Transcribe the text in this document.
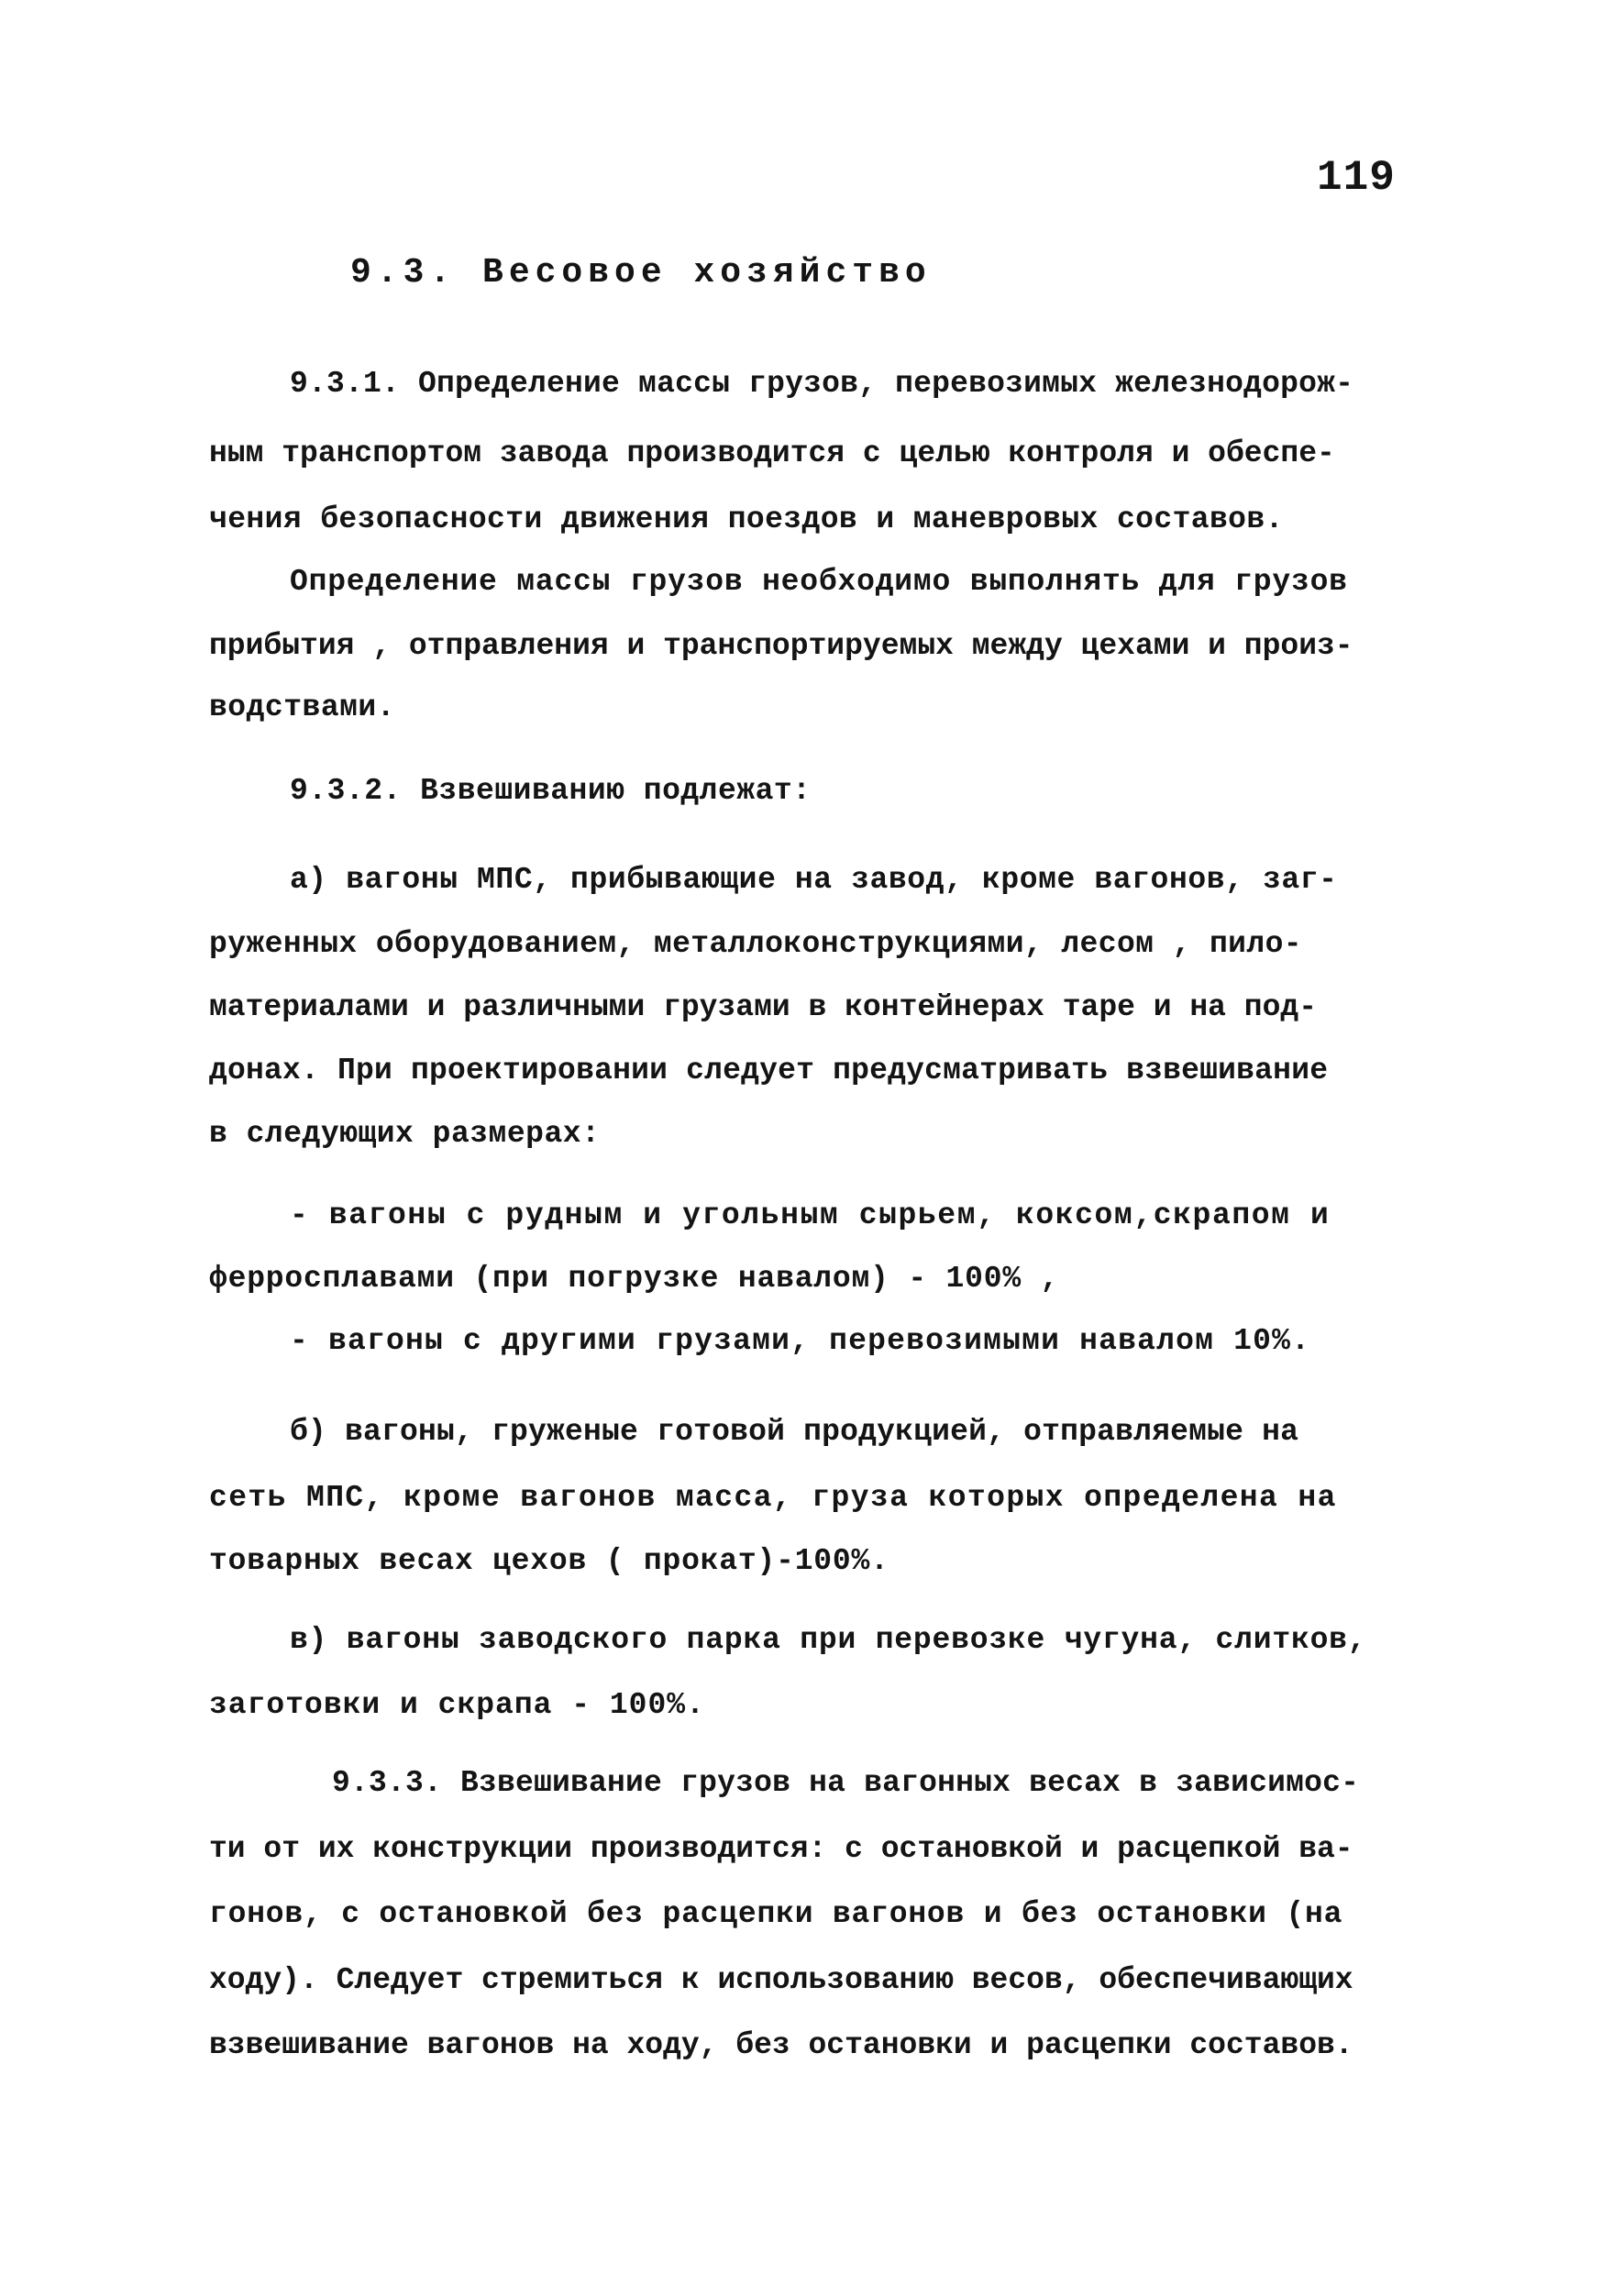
119
9.3. Весовое хозяйство
9.3.1. Определение массы грузов, перевозимых железнодорож-
ным транспортом завода производится с целью контроля и обеспе-
чения безопасности движения поездов и маневровых составов.
Определение массы грузов необходимо выполнять для грузов
прибытия , отправления и транспортируемых между цехами и произ-
водствами.
9.3.2. Взвешиванию подлежат:
а) вагоны МПС, прибывающие на завод, кроме вагонов, заг-
руженных оборудованием, металлоконструкциями, лесом , пило-
материалами и различными грузами в контейнерах таре и на под-
донах. При проектировании следует предусматривать взвешивание
в следующих размерах:
- вагоны с рудным и угольным сырьем, коксом,скрапом и
ферросплавами (при погрузке навалом) - 100% ,
- вагоны с другими грузами, перевозимыми навалом 10%.
б) вагоны, груженые готовой продукцией, отправляемые на
сеть МПС, кроме вагонов масса, груза которых определена на
товарных весах цехов ( прокат)-100%.
в) вагоны заводского парка при перевозке чугуна, слитков,
заготовки и скрапа - 100%.
9.3.3. Взвешивание грузов на вагонных весах в зависимос-
ти от их конструкции производится: с остановкой и расцепкой ва-
гонов, с остановкой без расцепки вагонов и без остановки (на
ходу). Следует стремиться к использованию весов, обеспечивающих
взвешивание вагонов на ходу, без остановки и расцепки составов.
